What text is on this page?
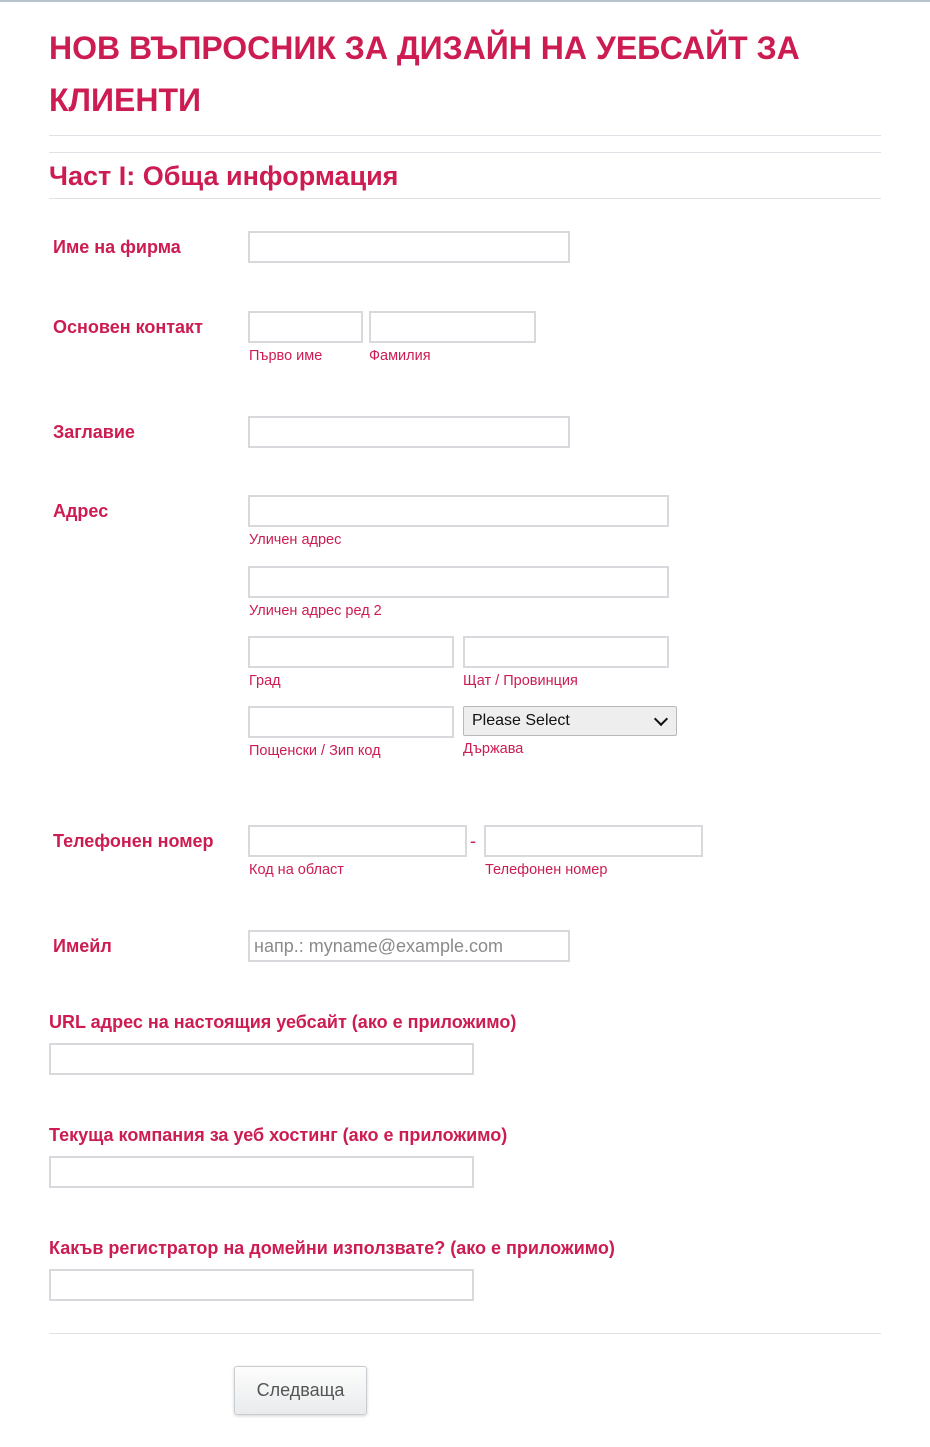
НОВ ВЪПРОСНИК ЗА ДИЗАЙН НА УЕБСАЙТ ЗА КЛИЕНТИ
Част I: Обща информация
Име на фирма
Основен контакт
Първо име	Фамилия
Заглавие
Адрес
Уличен адрес
Уличен адрес ред 2
Град	Щат / Провинция
Please Select
Пощенски / Зип код	Държава
Телефонен номер	-
Код на област	Телефонен номер
Имейл
напр.: myname@example.com
URL адрес на настоящия уебсайт (ако е приложимо)
Текуща компания за уеб хостинг (ако е приложимо)
Какъв регистратор на домейни използвате? (ако е приложимо)
Следваща
